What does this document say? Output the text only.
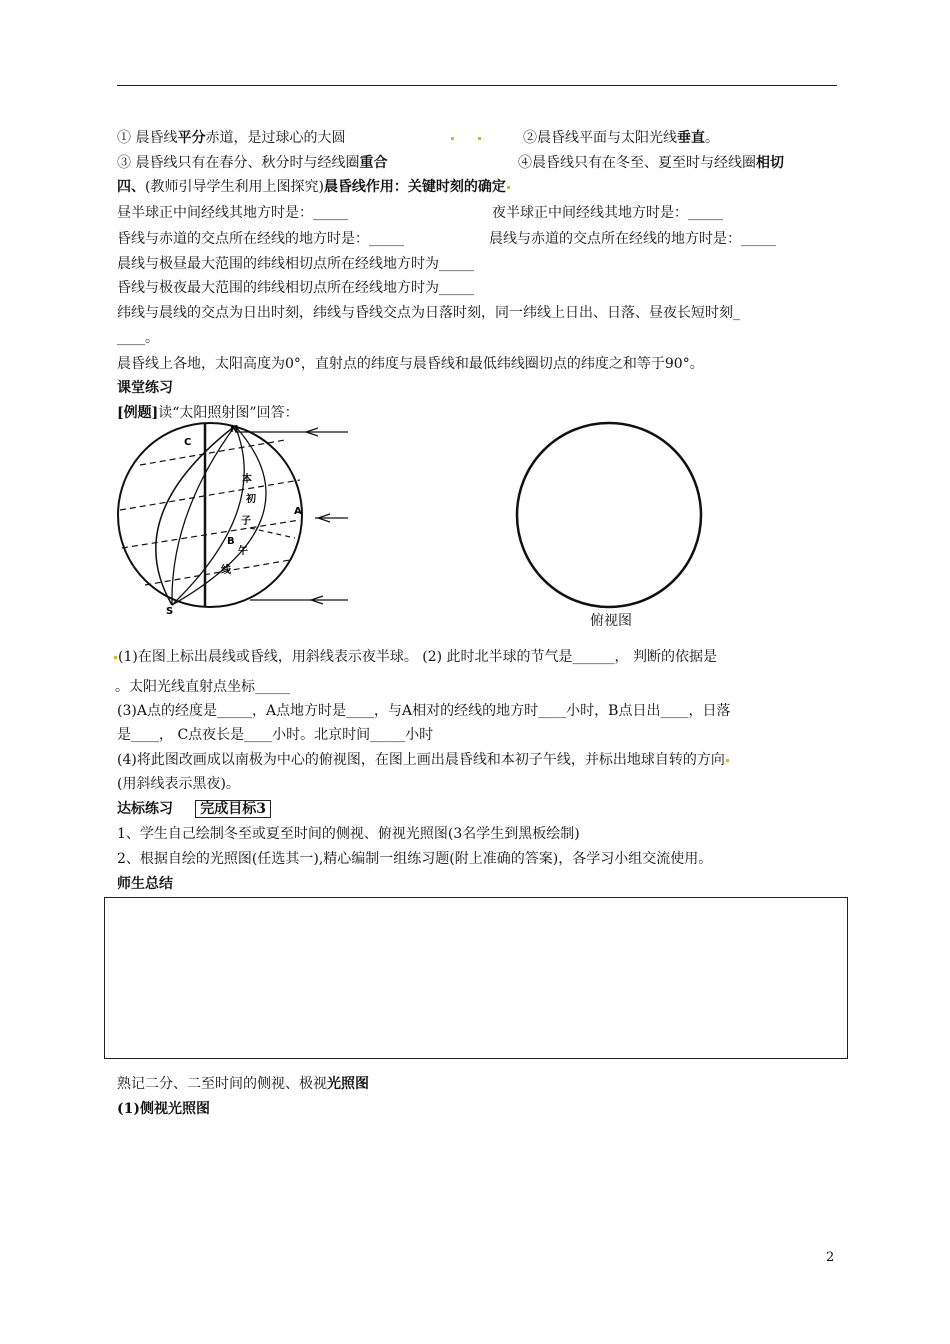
① 晨昏线平分赤道，是过球心的大圆
	②晨昏线平面与太阳光线垂直。
③ 晨昏线只有在春分、秋分时与经线圈重合	④晨昏线只有在冬至、夏至时与经线圈相切
四、(教师引导学生利用上图探究)晨昏线作用：关键时刻的确定
昼半球正中间经线其地方时是：_____	夜半球正中间经线其地方时是：_____
昏线与赤道的交点所在经线的地方时是：_____	晨线与赤道的交点所在经线的地方时是：_____
晨线与极昼最大范围的纬线相切点所在经线地方时为_____
昏线与极夜最大范围的纬线相切点所在经线地方时为_____
纬线与晨线的交点为日出时刻，纬线与昏线交点为日落时刻，同一纬线上日出、日落、昼夜长短时刻_
____。
晨昏线上各地，太阳高度为0°，直射点的纬度与晨昏线和最低纬线圈切点的纬度之和等于90°。
课堂练习
[例题]读“太阳照射图”回答：
N
S
C
A
B
本
初
子
午
线
俯视图
(1)在图上标出晨线或昏线，用斜线表示夜半球。 (2) 此时北半球的节气是______， 判断的依据是
。太阳光线直射点坐标_____
(3)A点的经度是_____，A点地方时是____，与A相对的经线的地方时____小时，B点日出____，日落
是____， C点夜长是____小时。北京时间_____小时
(4)将此图改画成以南极为中心的俯视图，在图上画出晨昏线和本初子午线，并标出地球自转的方向
(用斜线表示黑夜)。
达标练习 完成目标3
1、学生自己绘制冬至或夏至时间的侧视、俯视光照图(3名学生到黑板绘制)
2、根据自绘的光照图(任选其一),精心编制一组练习题(附上准确的答案)，各学习小组交流使用。
师生总结
熟记二分、二至时间的侧视、极视光照图
(1)侧视光照图
2
